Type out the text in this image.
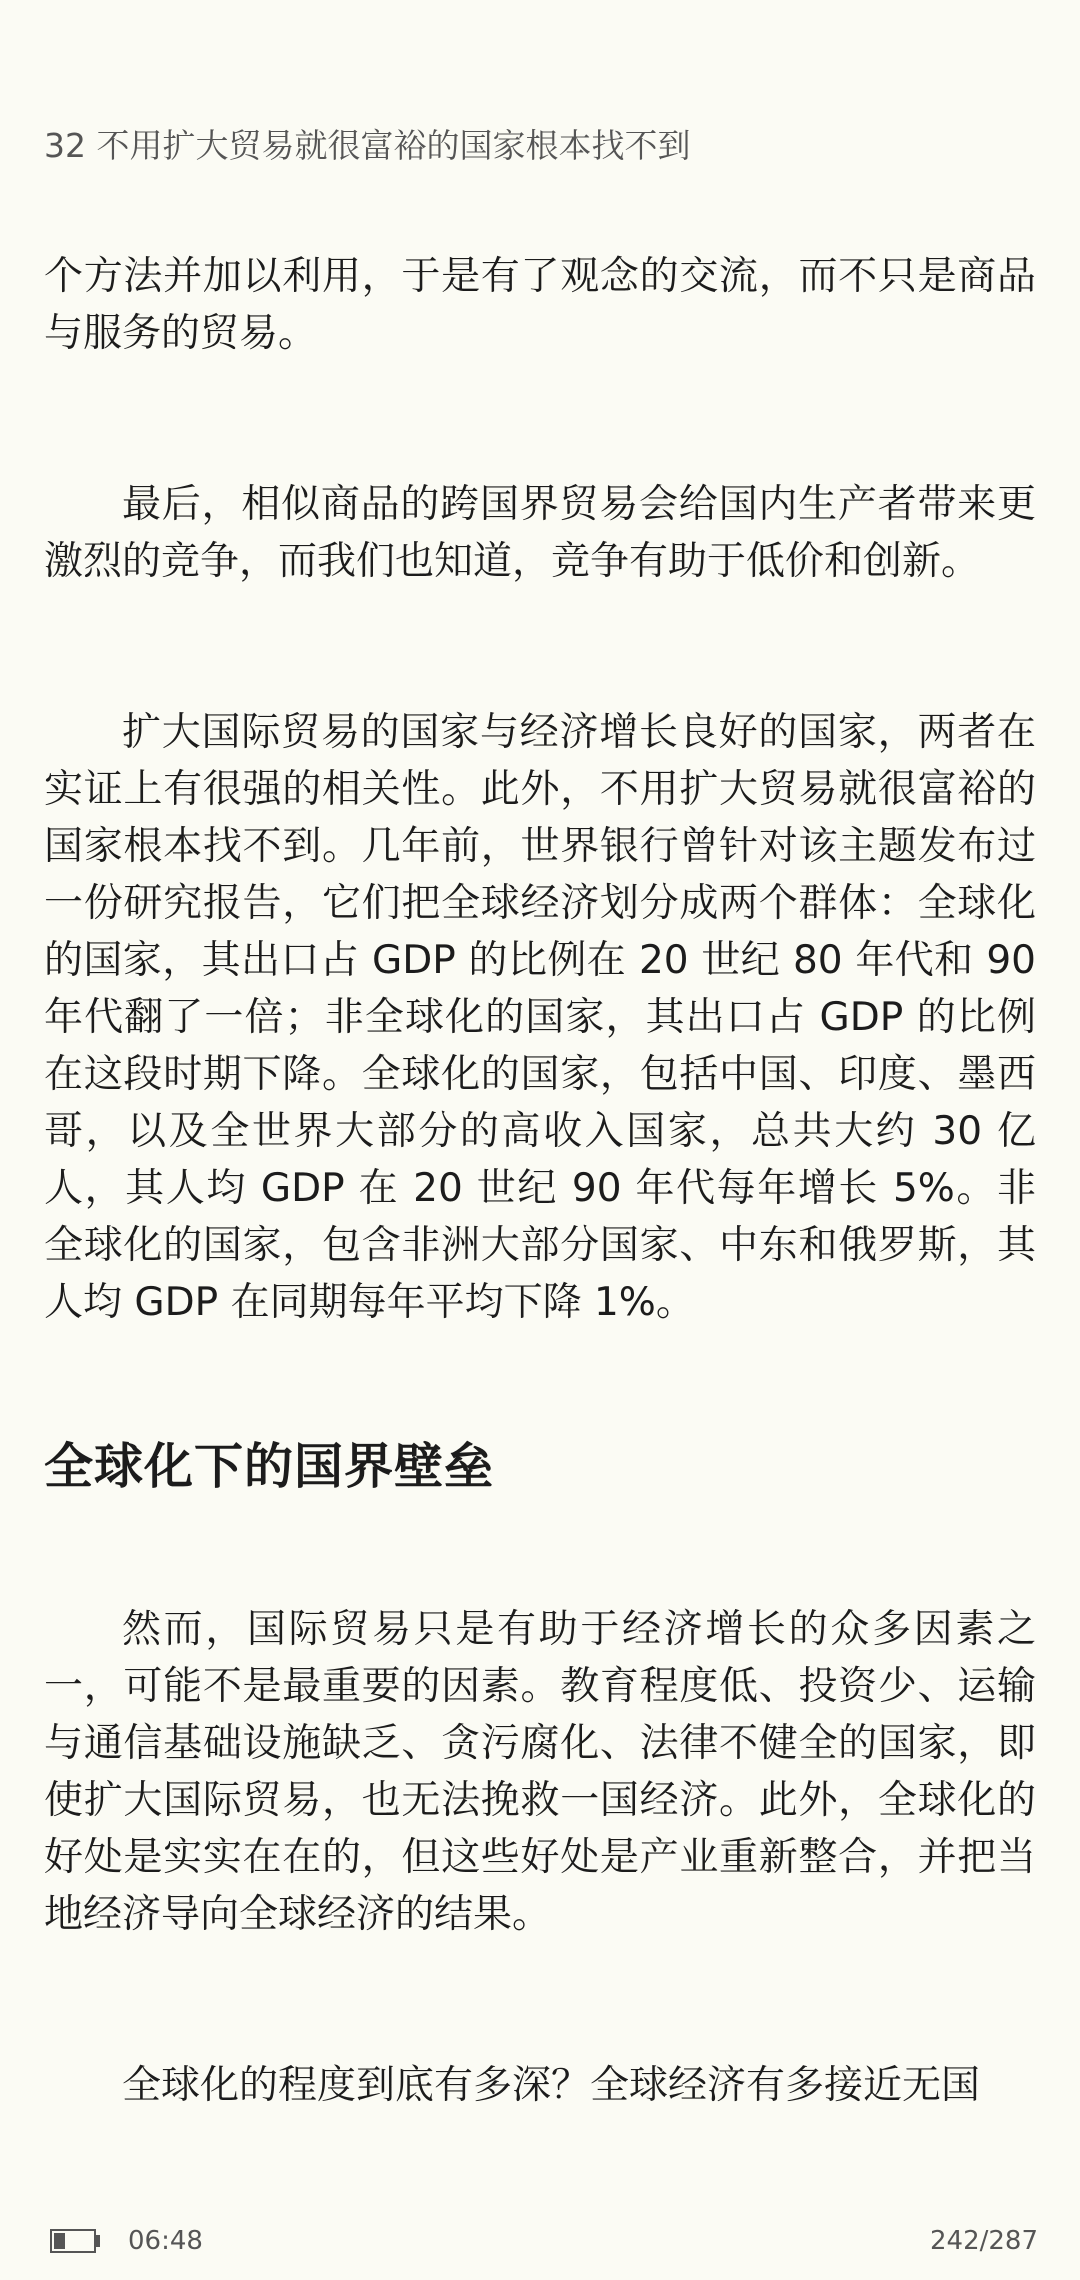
32 不用扩大贸易就很富裕的国家根本找不到

个方法并加以利用，于是有了观念的交流，而不只是商品与服务的贸易。

最后，相似商品的跨国界贸易会给国内生产者带来更激烈的竞争，而我们也知道，竞争有助于低价和创新。

扩大国际贸易的国家与经济增长良好的国家，两者在实证上有很强的相关性。此外，不用扩大贸易就很富裕的国家根本找不到。几年前，世界银行曾针对该主题发布过一份研究报告，它们把全球经济划分成两个群体：全球化的国家，其出口占 GDP 的比例在 20 世纪 80 年代和 90 年代翻了一倍；非全球化的国家，其出口占 GDP 的比例在这段时期下降。全球化的国家，包括中国、印度、墨西哥，以及全世界大部分的高收入国家，总共大约 30 亿人，其人均 GDP 在 20 世纪 90 年代每年增长 5%。非全球化的国家，包含非洲大部分国家、中东和俄罗斯，其人均 GDP 在同期每年平均下降 1%。

全球化下的国界壁垒

然而，国际贸易只是有助于经济增长的众多因素之一，可能不是最重要的因素。教育程度低、投资少、运输与通信基础设施缺乏、贪污腐化、法律不健全的国家，即使扩大国际贸易，也无法挽救一国经济。此外，全球化的好处是实实在在的，但这些好处是产业重新整合，并把当地经济导向全球经济的结果。

全球化的程度到底有多深？全球经济有多接近无国

06:48	242/287
